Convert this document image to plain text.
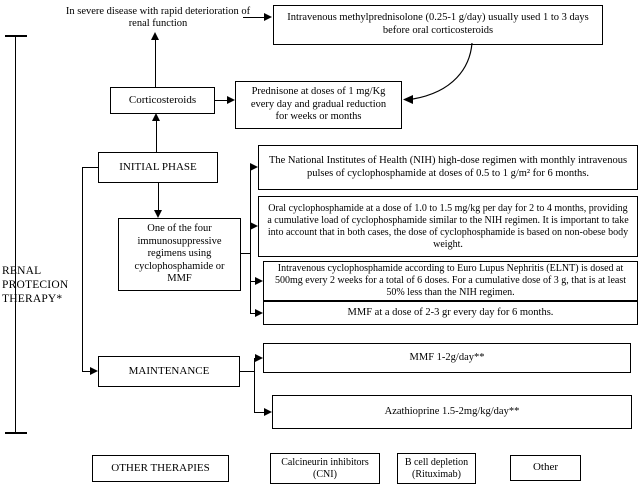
RENAL
PROTECION
THERAPY*
In severe disease with rapid deterioration of renal function
Intravenous methylprednisolone (0.25-1 g/day) usually used 1 to 3 days before oral corticosteroids
Corticosteroids
Prednisone at doses of 1 mg/Kg every day and gradual reduction for weeks or months
INITIAL PHASE
One of the four immunosuppressive regimens using cyclophosphamide or MMF
The National Institutes of Health (NIH) high-dose regimen with monthly intravenous pulses of cyclophosphamide at doses of 0.5 to 1 g/m² for 6 months.
Oral cyclophosphamide at a dose of 1.0 to 1.5 mg/kg per day for 2 to 4 months, providing a cumulative load of cyclophosphamide similar to the NIH regimen. It is important to take into account that in both cases, the dose of cyclophosphamide is based on non-obese body weight.
Intravenous cyclophosphamide according to Euro Lupus Nephritis (ELNT) is dosed at 500mg every 2 weeks for a total of 6 doses. For a cumulative dose of 3 g, that is at least 50% less than the NIH regimen.
MMF at a dose of 2-3 gr every day for 6 months.
MAINTENANCE
MMF 1-2g/day**
Azathioprine 1.5-2mg/kg/day**
OTHER THERAPIES	Calcineurin inhibitors (CNI)
B cell depletion (Rituximab)
Other
